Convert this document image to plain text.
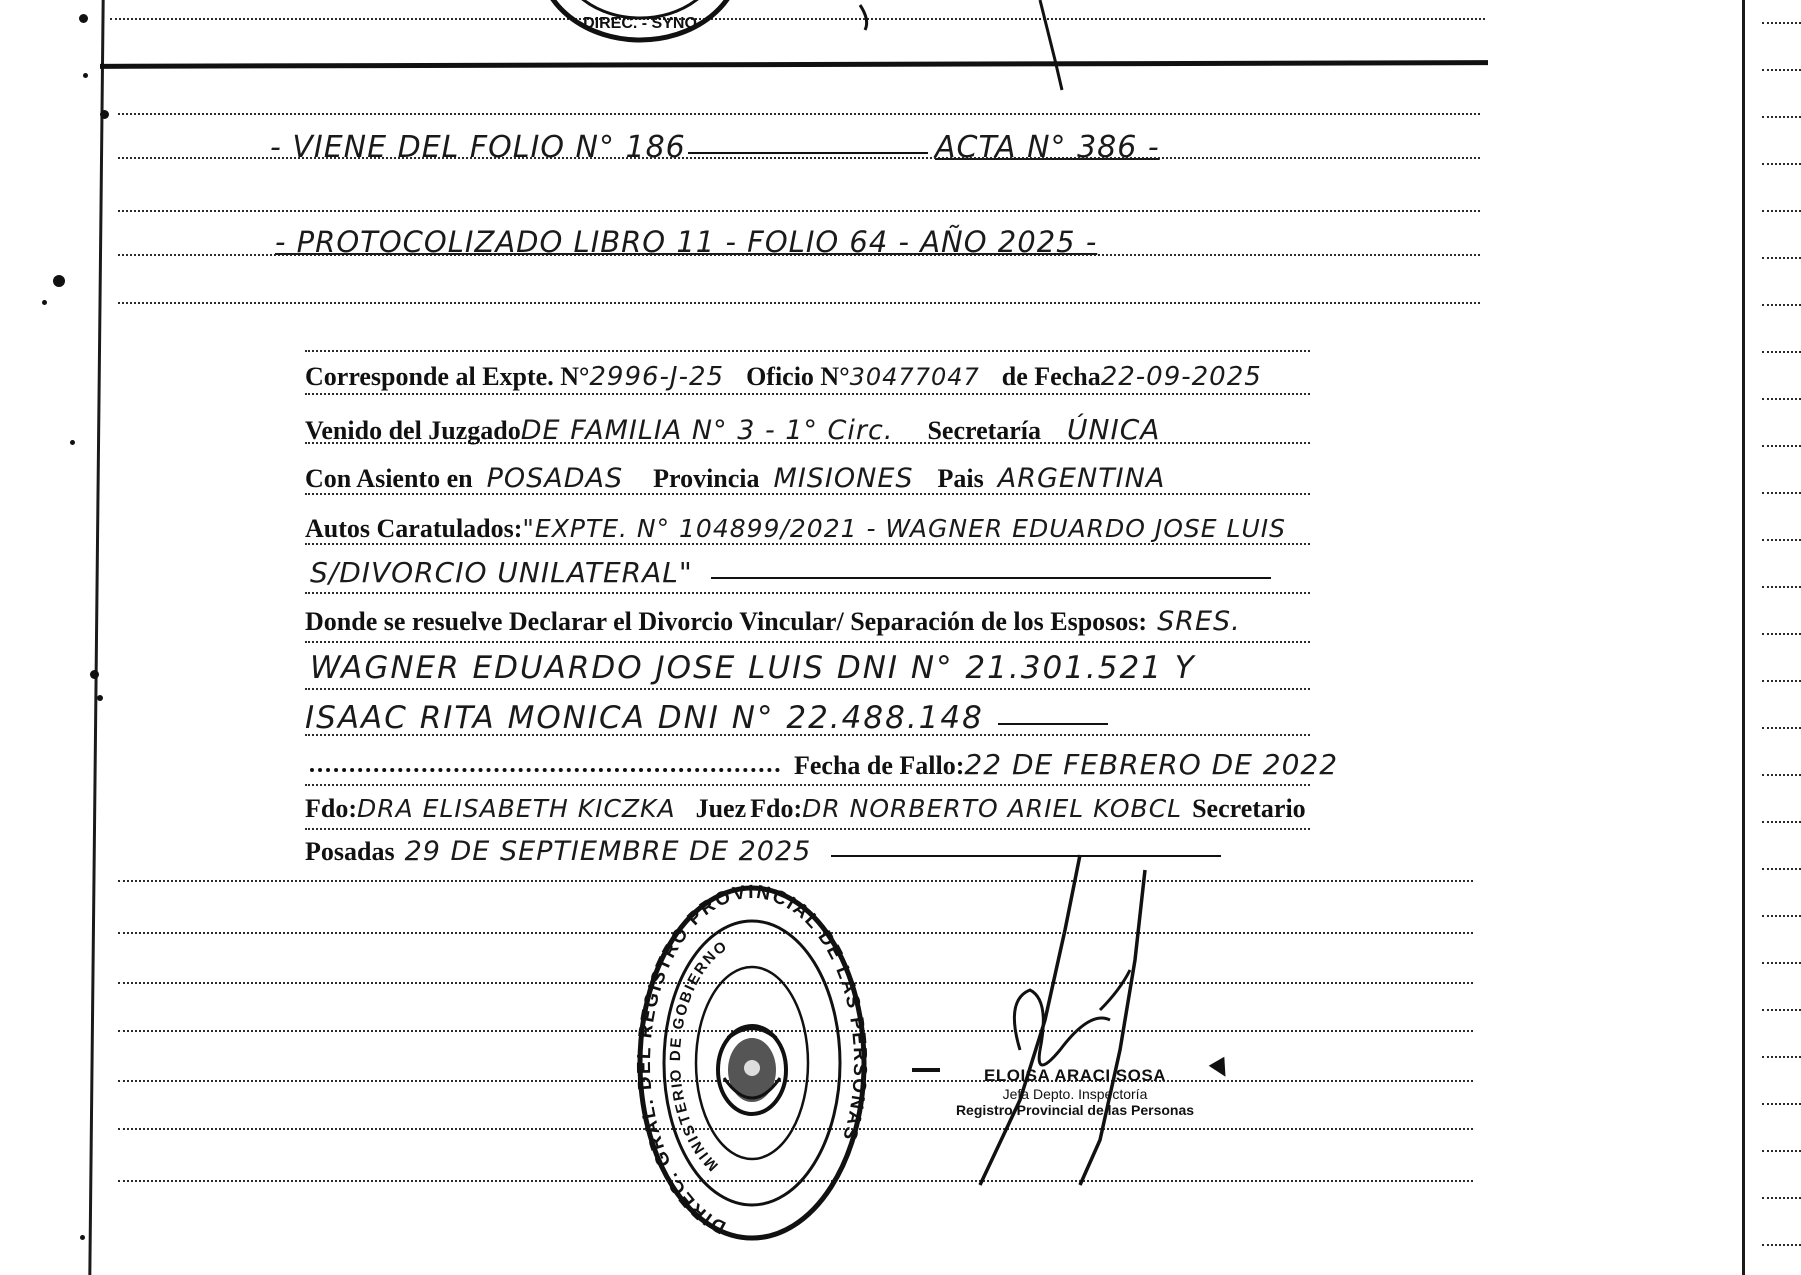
DIREC. - SYNO
- VIENE DEL FOLIO N° 186	ACTA N° 386 -
- PROTOCOLIZADO LIBRO 11 - FOLIO 64 - AÑO 2025 -
Corresponde al Expte. N°2996-J-25 Oficio N°30477047 de Fecha22-09-2025
Venido del JuzgadoDE FAMILIA N° 3 - 1° Circ. Secretaría ÚNICA
Con Asiento en POSADAS Provincia MISIONES Pais ARGENTINA
Autos Caratulados:"EXPTE. N° 104899/2021 - WAGNER EDUARDO JOSE LUIS
S/DIVORCIO UNILATERAL"
Donde se resuelve Declarar el Divorcio Vincular/ Separación de los Esposos: SRES.
WAGNER EDUARDO JOSE LUIS DNI N° 21.301.521 Y
ISAAC RITA MONICA DNI N° 22.488.148
Fecha de Fallo:22 DE FEBRERO DE 2022
Fdo:DRA ELISABETH KICZKA Juez Fdo:DR NORBERTO ARIEL KOBCL Secretario
Posadas 29 DE SEPTIEMBRE DE 2025
DIREC. GRAL. DEL REGISTRO PROVINCIAL DE LAS PERSONAS
MINISTERIO DE GOBIERNO
ELOISA ARACI SOSA
Jefa Depto. Inspectoría
Registro Provincial de las Personas
